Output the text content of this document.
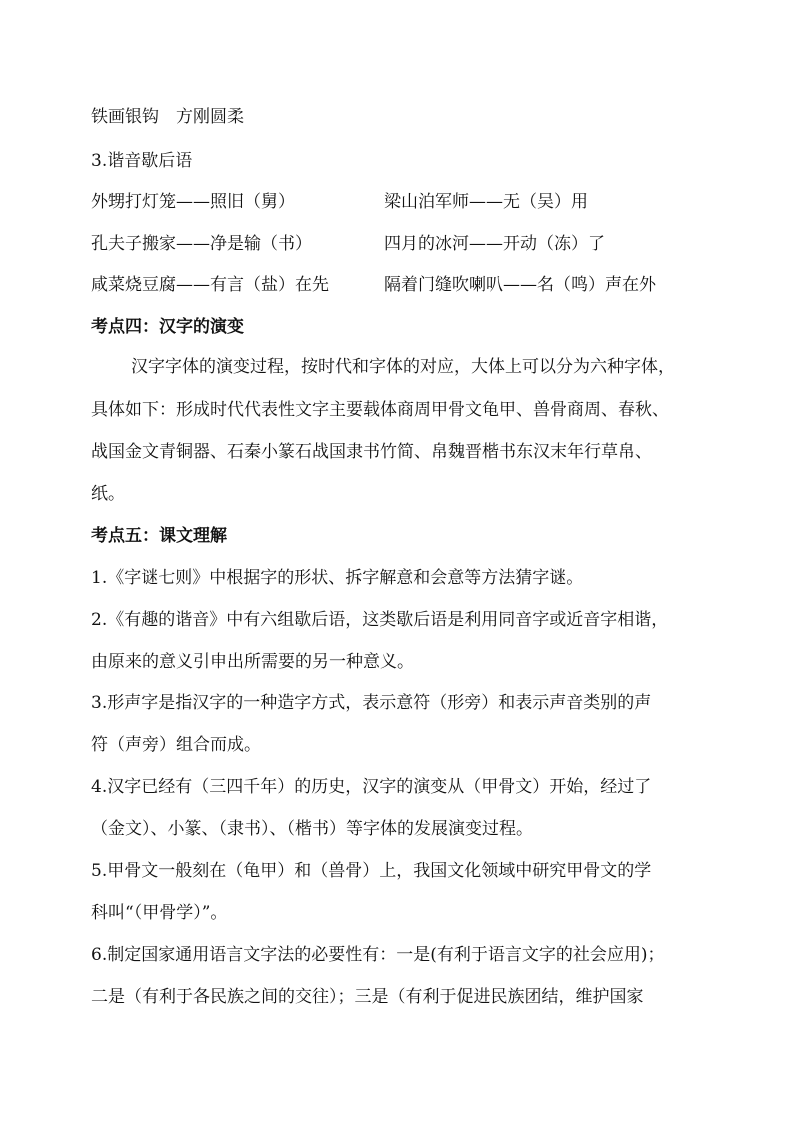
铁画银钩　方刚圆柔
3.谐音歇后语
外甥打灯笼——照旧（舅）	梁山泊军师——无（吴）用
孔夫子搬家——净是输（书）	四月的冰河——开动（冻）了
咸菜烧豆腐——有言（盐）在先	隔着门缝吹喇叭——名（鸣）声在外
考点四：汉字的演变
汉字字体的演变过程，按时代和字体的对应，大体上可以分为六种字体，
具体如下：形成时代代表性文字主要载体商周甲骨文龟甲、兽骨商周、春秋、
战国金文青铜器、石秦小篆石战国隶书竹简、帛魏晋楷书东汉末年行草帛、
纸。
考点五：课文理解
1.《字谜七则》中根据字的形状、拆字解意和会意等方法猜字谜。
2.《有趣的谐音》中有六组歇后语，这类歇后语是利用同音字或近音字相谐，
由原来的意义引申出所需要的另一种意义。
3.形声字是指汉字的一种造字方式，表示意符（形旁）和表示声音类别的声
符（声旁）组合而成。
4.汉字已经有（三四千年）的历史，汉字的演变从（甲骨文）开始，经过了
（金文）、小篆、（隶书）、（楷书）等字体的发展演变过程。
5.甲骨文一般刻在（龟甲）和（兽骨）上，我国文化领域中研究甲骨文的学
科叫“（甲骨学）”。
6.制定国家通用语言文字法的必要性有：一是(有利于语言文字的社会应用)；
二是（有利于各民族之间的交往）；三是（有利于促进民族团结，维护国家
